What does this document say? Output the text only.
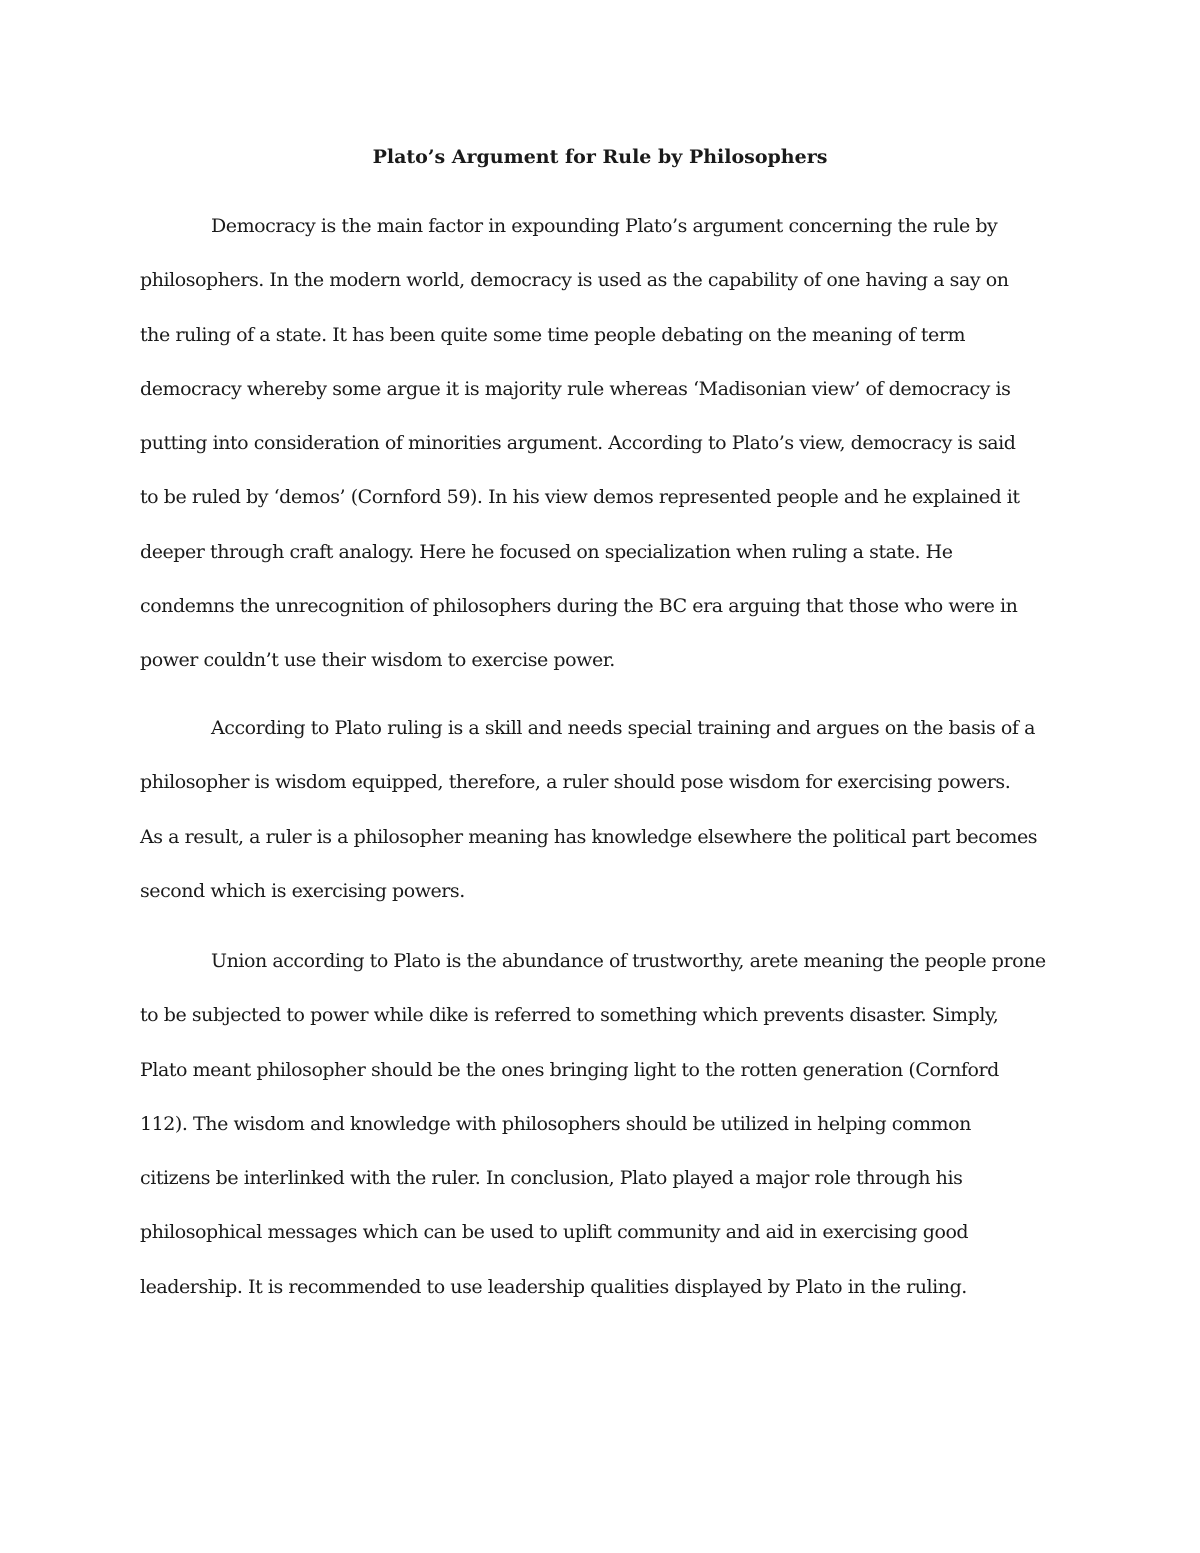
Plato’s Argument for Rule by Philosophers
Democracy is the main factor in expounding Plato’s argument concerning the rule by
philosophers. In the modern world, democracy is used as the capability of one having a say on
the ruling of a state. It has been quite some time people debating on the meaning of term
democracy whereby some argue it is majority rule whereas ‘Madisonian view’ of democracy is
putting into consideration of minorities argument. According to Plato’s view, democracy is said
to be ruled by ‘demos’ (Cornford 59). In his view demos represented people and he explained it
deeper through craft analogy. Here he focused on specialization when ruling a state. He
condemns the unrecognition of philosophers during the BC era arguing that those who were in
power couldn’t use their wisdom to exercise power.
According to Plato ruling is a skill and needs special training and argues on the basis of a
philosopher is wisdom equipped, therefore, a ruler should pose wisdom for exercising powers.
As a result, a ruler is a philosopher meaning has knowledge elsewhere the political part becomes
second which is exercising powers.
Union according to Plato is the abundance of trustworthy, arete meaning the people prone
to be subjected to power while dike is referred to something which prevents disaster. Simply,
Plato meant philosopher should be the ones bringing light to the rotten generation (Cornford
112). The wisdom and knowledge with philosophers should be utilized in helping common
citizens be interlinked with the ruler. In conclusion, Plato played a major role through his
philosophical messages which can be used to uplift community and aid in exercising good
leadership. It is recommended to use leadership qualities displayed by Plato in the ruling.
